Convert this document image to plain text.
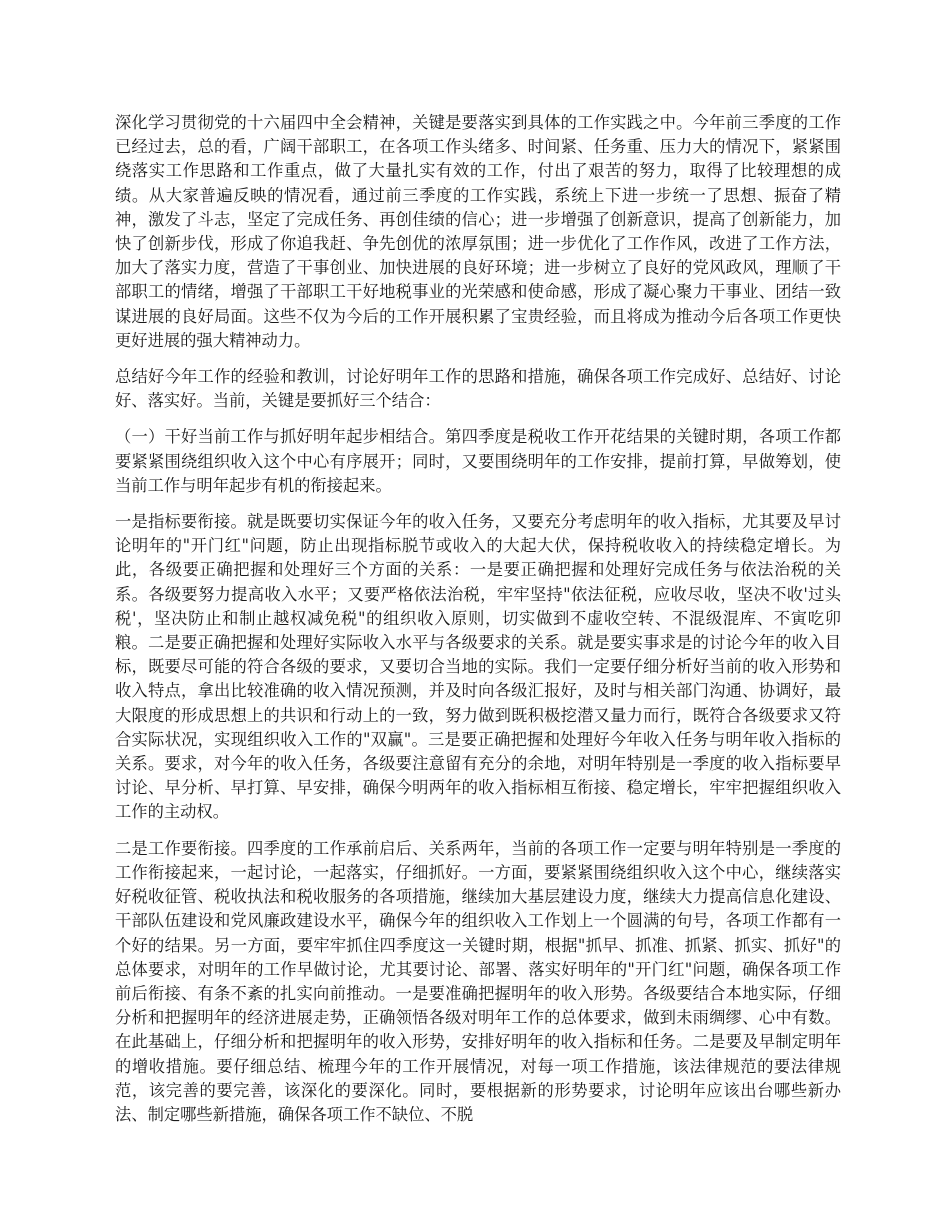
深化学习贯彻党的十六届四中全会精神，关键是要落实到具体的工作实践之中。今年前三季度的工作已经过去，总的看，广阔干部职工，在各项工作头绪多、时间紧、任务重、压力大的情况下，紧紧围绕落实工作思路和工作重点，做了大量扎实有效的工作，付出了艰苦的努力，取得了比较理想的成绩。从大家普遍反映的情况看，通过前三季度的工作实践，系统上下进一步统一了思想、振奋了精神，激发了斗志，坚定了完成任务、再创佳绩的信心；进一步增强了创新意识，提高了创新能力，加快了创新步伐，形成了你追我赶、争先创优的浓厚氛围；进一步优化了工作作风，改进了工作方法，加大了落实力度，营造了干事创业、加快进展的良好环境；进一步树立了良好的党风政风，理顺了干部职工的情绪，增强了干部职工干好地税事业的光荣感和使命感，形成了凝心聚力干事业、团结一致谋进展的良好局面。这些不仅为今后的工作开展积累了宝贵经验，而且将成为推动今后各项工作更快更好进展的强大精神动力。

总结好今年工作的经验和教训，讨论好明年工作的思路和措施，确保各项工作完成好、总结好、讨论好、落实好。当前，关键是要抓好三个结合：

（一）干好当前工作与抓好明年起步相结合。第四季度是税收工作开花结果的关键时期，各项工作都要紧紧围绕组织收入这个中心有序展开；同时，又要围绕明年的工作安排，提前打算，早做筹划，使当前工作与明年起步有机的衔接起来。

一是指标要衔接。就是既要切实保证今年的收入任务，又要充分考虑明年的收入指标，尤其要及早讨论明年的"开门红"问题，防止出现指标脱节或收入的大起大伏，保持税收收入的持续稳定增长。为此，各级要正确把握和处理好三个方面的关系：一是要正确把握和处理好完成任务与依法治税的关系。各级要努力提高收入水平；又要严格依法治税，牢牢坚持"依法征税，应收尽收，坚决不收'过头税'，坚决防止和制止越权减免税"的组织收入原则，切实做到不虚收空转、不混级混库、不寅吃卯粮。二是要正确把握和处理好实际收入水平与各级要求的关系。就是要实事求是的讨论今年的收入目标，既要尽可能的符合各级的要求，又要切合当地的实际。我们一定要仔细分析好当前的收入形势和收入特点，拿出比较准确的收入情况预测，并及时向各级汇报好，及时与相关部门沟通、协调好，最大限度的形成思想上的共识和行动上的一致，努力做到既积极挖潜又量力而行，既符合各级要求又符合实际状况，实现组织收入工作的"双赢"。三是要正确把握和处理好今年收入任务与明年收入指标的关系。要求，对今年的收入任务，各级要注意留有充分的余地，对明年特别是一季度的收入指标要早讨论、早分析、早打算、早安排，确保今明两年的收入指标相互衔接、稳定增长，牢牢把握组织收入工作的主动权。

二是工作要衔接。四季度的工作承前启后、关系两年，当前的各项工作一定要与明年特别是一季度的工作衔接起来，一起讨论，一起落实，仔细抓好。一方面，要紧紧围绕组织收入这个中心，继续落实好税收征管、税收执法和税收服务的各项措施，继续加大基层建设力度，继续大力提高信息化建设、干部队伍建设和党风廉政建设水平，确保今年的组织收入工作划上一个圆满的句号，各项工作都有一个好的结果。另一方面，要牢牢抓住四季度这一关键时期，根据"抓早、抓准、抓紧、抓实、抓好"的总体要求，对明年的工作早做讨论，尤其要讨论、部署、落实好明年的"开门红"问题，确保各项工作前后衔接、有条不紊的扎实向前推动。一是要准确把握明年的收入形势。各级要结合本地实际，仔细分析和把握明年的经济进展走势，正确领悟各级对明年工作的总体要求，做到未雨绸缪、心中有数。在此基础上，仔细分析和把握明年的收入形势，安排好明年的收入指标和任务。二是要及早制定明年的增收措施。要仔细总结、梳理今年的工作开展情况，对每一项工作措施，该法律规范的要法律规范，该完善的要完善，该深化的要深化。同时，要根据新的形势要求，讨论明年应该出台哪些新办法、制定哪些新措施，确保各项工作不缺位、不脱
